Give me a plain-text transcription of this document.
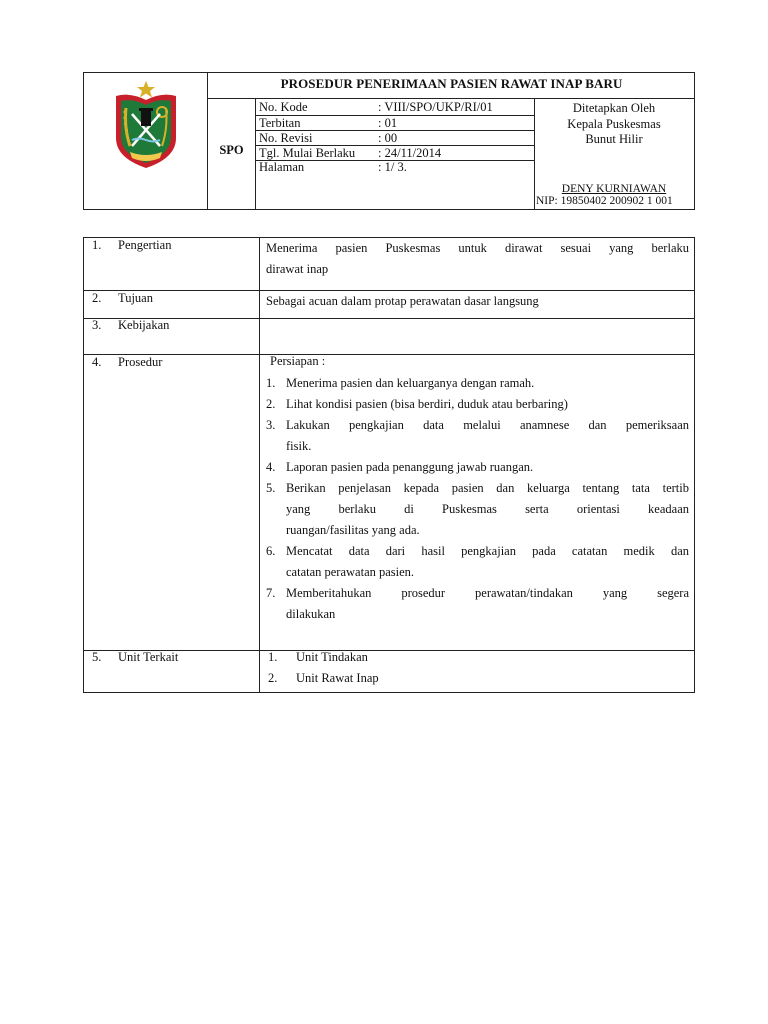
PROSEDUR PENERIMAAN PASIEN RAWAT INAP BARU
SPO
No. Kode	: VIII/SPO/UKP/RI/01
Terbitan	: 01
No. Revisi	: 00
Tgl. Mulai Berlaku : 24/11/2014
Halaman	: 1/ 3.
Ditetapkan Oleh
Kepala Puskesmas
Bunut Hilir
DENY KURNIAWAN
NIP: 19850402 200902 1 001
1. Pengertian	Menerima pasien Puskesmas untuk dirawat sesuai yang berlaku
dirawat inap
2. Tujuan	Sebagai acuan dalam protap perawatan dasar langsung
3. Kebijakan
4. Prosedur	Persiapan :
1. Menerima pasien dan keluarganya dengan ramah.
2. Lihat kondisi pasien (bisa berdiri, duduk atau berbaring)
3. Lakukan pengkajian data melalui anamnese dan pemeriksaan
fisik.
4. Laporan pasien pada penanggung jawab ruangan.
5. Berikan penjelasan kepada pasien dan keluarga tentang tata tertib
yang berlaku di Puskesmas serta orientasi keadaan
ruangan/fasilitas yang ada.
6. Mencatat data dari hasil pengkajian pada catatan medik dan
catatan perawatan pasien.
7. Memberitahukan prosedur perawatan/tindakan yang segera
dilakukan
5. Unit Terkait	1. Unit Tindakan
2. Unit Rawat Inap
